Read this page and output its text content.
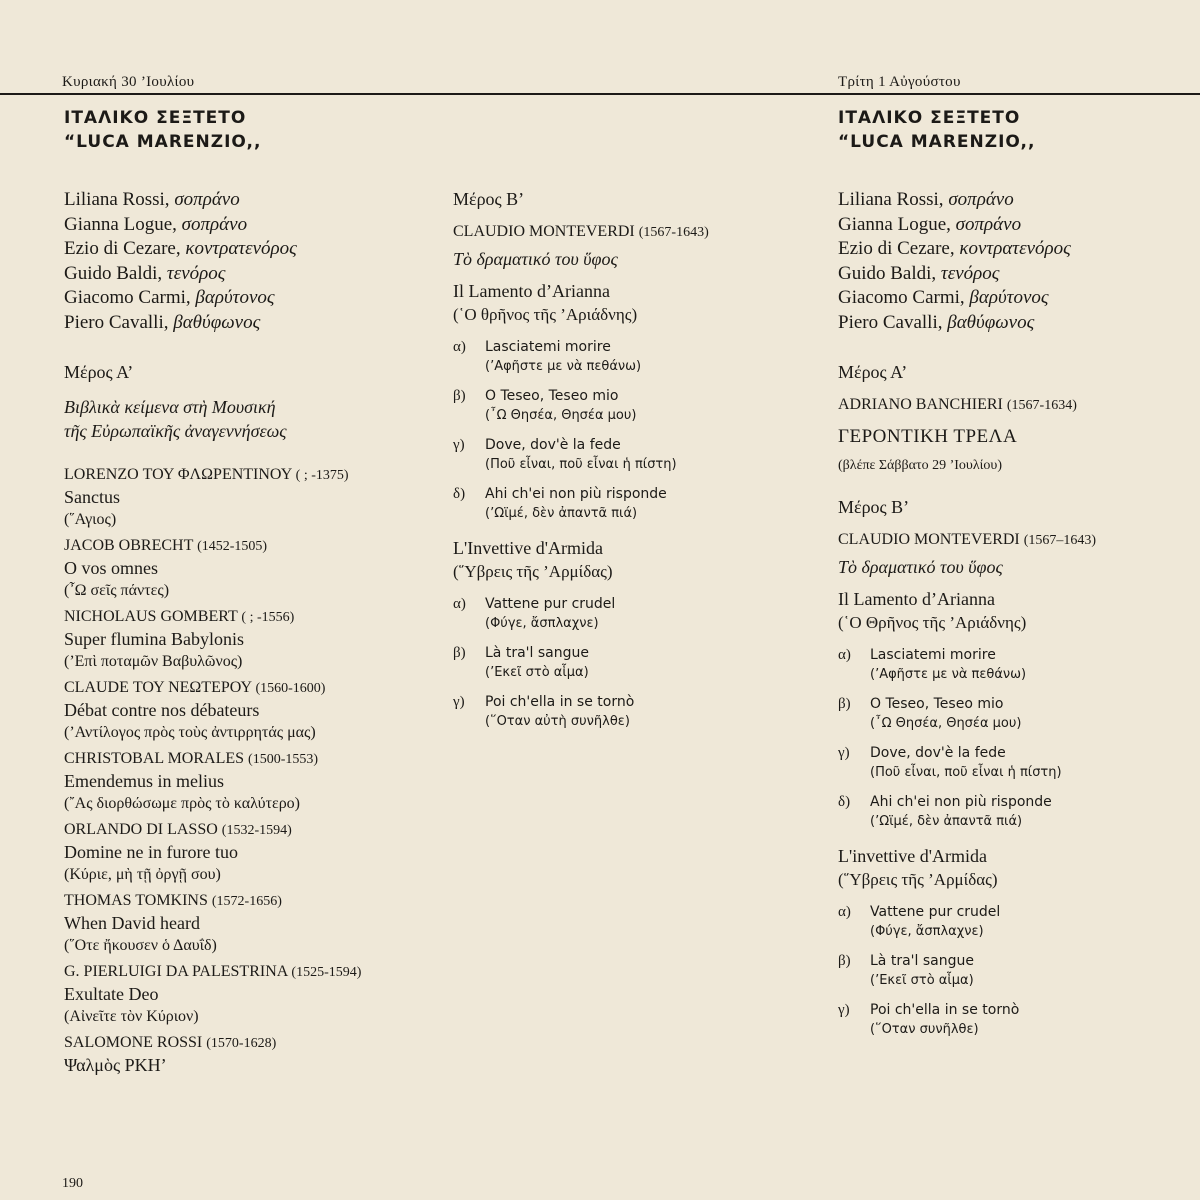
Κυριακή 30 ’Ιουλίου	Τρίτη 1 Αὐγούστου
ΙΤΑΛΙΚΟ ΣΕΞΤΕΤΟ
“LUCA MARENZIO,,
Liliana Rossi, σοπράνο
Gianna Logue, σοπράνο
Ezio di Cezare, κοντρατενόρος
Guido Baldi, τενόρος
Giacomo Carmi, βαρύτονος
Piero Cavalli, βαθύφωνος
Μέρος Α’
Βιβλικὰ κείμενα στὴ Μουσική
τῆς Εὐρωπαϊκῆς ἀναγεννήσεως
LORENZO ΤΟΥ ΦΛΩΡΕΝΤΙΝΟΥ ( ; -1375)
Sanctus
(῞Αγιος)
JACOB OBRECHT (1452-1505)
O vos omnes
(῏Ω σεῖς πάντες)
NICHOLAUS GOMBERT ( ; -1556)
Super flumina Babylonis
(’Επὶ ποταμῶν Βαβυλῶνος)
CLAUDE ΤΟΥ ΝΕΩΤΕΡΟΥ (1560-1600)
Débat contre nos débateurs
(’Αντίλογος πρὸς τοὺς ἀντιρρητάς μας)
CHRISTOBAL MORALES (1500-1553)
Emendemus in melius
(῎Ας διορθώσωμε πρὸς τὸ καλύτερο)
ORLANDO DI LASSO (1532-1594)
Domine ne in furore tuo
(Κύριε, μὴ τῇ ὀργῇ σου)
THOMAS TOMKINS (1572-1656)
When David heard
(῞Οτε ἤκουσεν ὁ Δαυΐδ)
G. PIERLUIGI DA PALESTRINA (1525-1594)
Exultate Deo
(Αἰνεῖτε τὸν Κύριον)
SALOMONE ROSSI (1570-1628)
Ψαλμὸς ΡΚΗ’
Μέρος Β’
CLAUDIO MONTEVERDI (1567-1643)
Τὸ δραματικό του ὕφος
Il Lamento d’Arianna
(῾Ο θρῆνος τῆς ’Αριάδνης)
α)	Lasciatemi morire
(’Αφῆστε με νὰ πεθάνω)
β)	O Teseo, Teseo mio
(῏Ω Θησέα, Θησέα μου)
γ)	Dove, dov'è la fede
(Ποῦ εἶναι, ποῦ εἶναι ἡ πίστη)
δ)	Ahi ch'ei non più risponde
(’Ωϊμέ, δὲν ἀπαντᾶ πιά)
L'Invettive d'Armida
(῞Υβρεις τῆς ’Αρμίδας)
α)	Vattene pur crudel
(Φύγε, ἄσπλαχνε)
β)	Là tra'l sangue
(’Εκεῖ στὸ αἷμα)
γ)	Poi ch'ella in se tornò
(῞Οταν αὐτὴ συνῆλθε)
ΙΤΑΛΙΚΟ ΣΕΞΤΕΤΟ
“LUCA MARENZIO,,
Liliana Rossi, σοπράνο
Gianna Logue, σοπράνο
Ezio di Cezare, κοντρατενόρος
Guido Baldi, τενόρος
Giacomo Carmi, βαρύτονος
Piero Cavalli, βαθύφωνος
Μέρος Α’
ADRIANO BANCHIERI (1567-1634)
ΓΕΡΟΝΤΙΚΗ ΤΡΕΛΑ
(βλέπε Σάββατο 29 ’Ιουλίου)
Μέρος Β’
CLAUDIO MONTEVERDI (1567–1643)
Τὸ δραματικό του ὕφος
Il Lamento d’Arianna
(῾Ο Θρῆνος τῆς ’Αριάδνης)
α)	Lasciatemi morire
(’Αφῆστε με νὰ πεθάνω)
β)	O Teseo, Teseo mio
(῏Ω Θησέα, Θησέα μου)
γ)	Dove, dov'è la fede
(Ποῦ εἶναι, ποῦ εἶναι ἡ πίστη)
δ)	Ahi ch'ei non più risponde
(’Ωϊμέ, δὲν ἀπαντᾶ πιά)
L'invettive d'Armida
(῞Υβρεις τῆς ’Αρμίδας)
α)	Vattene pur crudel
(Φύγε, ἄσπλαχνε)
β)	Là tra'l sangue
(’Εκεῖ στὸ αἷμα)
γ)	Poi ch'ella in se tornò
(῞Οταν συνῆλθε)
190
